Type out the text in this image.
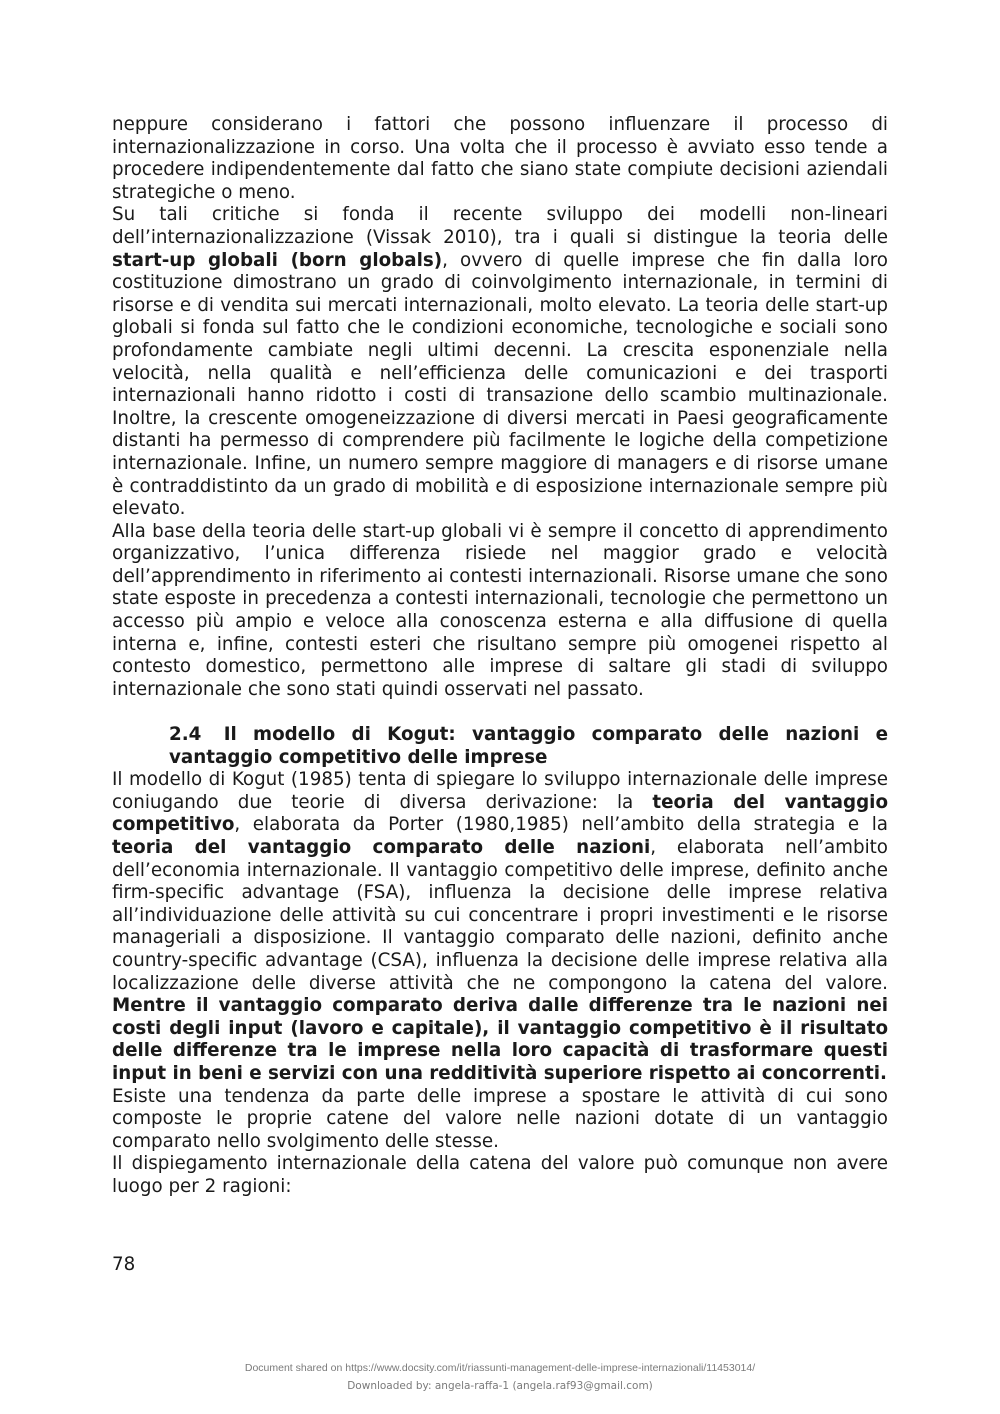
neppure considerano i fattori che possono influenzare il processo di internazionalizzazione in corso. Una volta che il processo è avviato esso tende a procedere indipendentemente dal fatto che siano state compiute decisioni aziendali strategiche o meno.

Su tali critiche si fonda il recente sviluppo dei modelli non-lineari dell’internazionalizzazione (Vissak 2010), tra i quali si distingue la teoria delle start-up globali (born globals), ovvero di quelle imprese che fin dalla loro costituzione dimostrano un grado di coinvolgimento internazionale, in termini di risorse e di vendita sui mercati internazionali, molto elevato. La teoria delle start-up globali si fonda sul fatto che le condizioni economiche, tecnologiche e sociali sono profondamente cambiate negli ultimi decenni. La crescita esponenziale nella velocità, nella qualità e nell’efficienza delle comunicazioni e dei trasporti internazionali hanno ridotto i costi di transazione dello scambio multinazionale. Inoltre, la crescente omogeneizzazione di diversi mercati in Paesi geograficamente distanti ha permesso di comprendere più facilmente le logiche della competizione internazionale. Infine, un numero sempre maggiore di managers e di risorse umane è contraddistinto da un grado di mobilità e di esposizione internazionale sempre più elevato.

Alla base della teoria delle start-up globali vi è sempre il concetto di apprendimento organizzativo, l’unica differenza risiede nel maggior grado e velocità dell’apprendimento in riferimento ai contesti internazionali. Risorse umane che sono state esposte in precedenza a contesti internazionali, tecnologie che permettono un accesso più ampio e veloce alla conoscenza esterna e alla diffusione di quella interna e, infine, contesti esteri che risultano sempre più omogenei rispetto al contesto domestico, permettono alle imprese di saltare gli stadi di sviluppo internazionale che sono stati quindi osservati nel passato.

2.4 Il modello di Kogut: vantaggio comparato delle nazioni e vantaggio competitivo delle imprese

Il modello di Kogut (1985) tenta di spiegare lo sviluppo internazionale delle imprese coniugando due teorie di diversa derivazione: la teoria del vantaggio competitivo, elaborata da Porter (1980,1985) nell’ambito della strategia e la teoria del vantaggio comparato delle nazioni, elaborata nell’ambito dell’economia internazionale. Il vantaggio competitivo delle imprese, definito anche firm-specific advantage (FSA), influenza la decisione delle imprese relativa all’individuazione delle attività su cui concentrare i propri investimenti e le risorse manageriali a disposizione. Il vantaggio comparato delle nazioni, definito anche country-specific advantage (CSA), influenza la decisione delle imprese relativa alla localizzazione delle diverse attività che ne compongono la catena del valore. Mentre il vantaggio comparato deriva dalle differenze tra le nazioni nei costi degli input (lavoro e capitale), il vantaggio competitivo è il risultato delle differenze tra le imprese nella loro capacità di trasformare questi input in beni e servizi con una redditività superiore rispetto ai concorrenti.

Esiste una tendenza da parte delle imprese a spostare le attività di cui sono composte le proprie catene del valore nelle nazioni dotate di un vantaggio comparato nello svolgimento delle stesse.

Il dispiegamento internazionale della catena del valore può comunque non avere luogo per 2 ragioni:

78
Document shared on https://www.docsity.com/it/riassunti-management-delle-imprese-internazionali/11453014/
Downloaded by: angela-raffa-1 (angela.raf93@gmail.com)
